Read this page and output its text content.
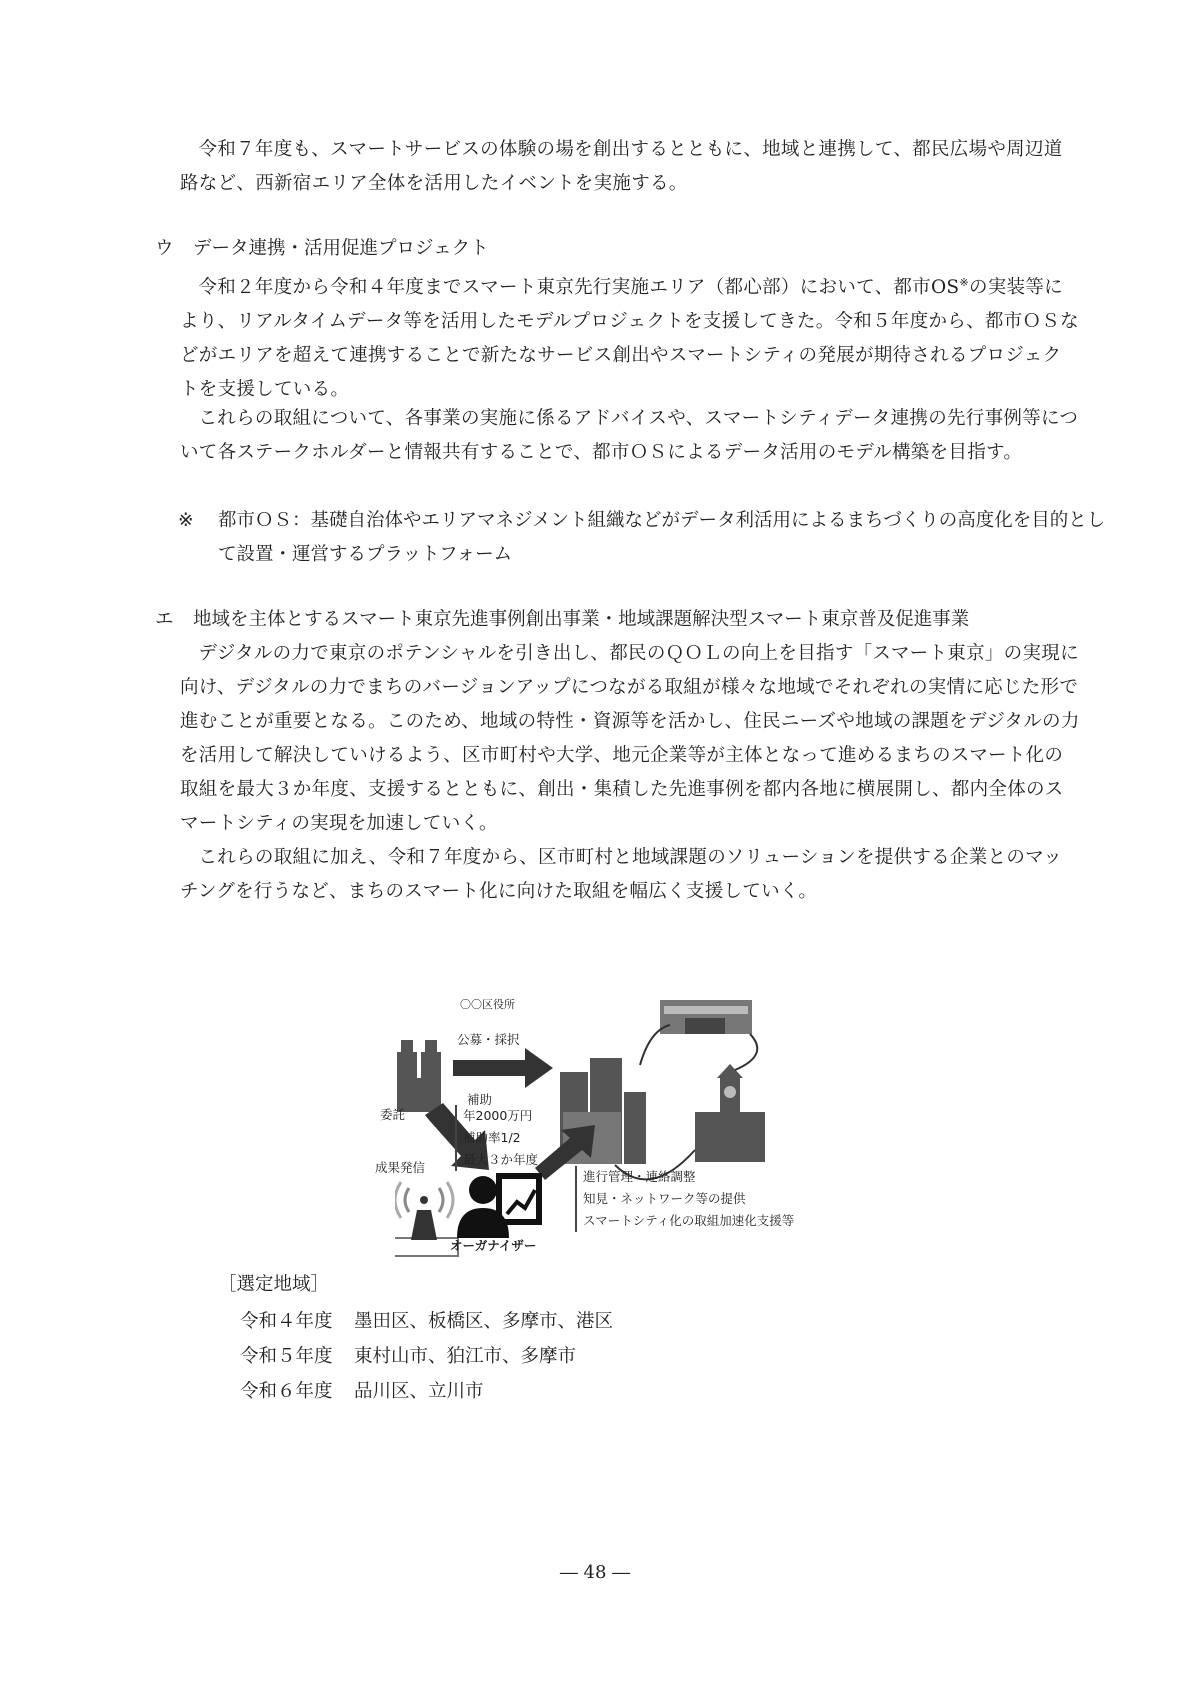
令和７年度も、スマートサービスの体験の場を創出するとともに、地域と連携して、都民広場や周辺道路など、西新宿エリア全体を活用したイベントを実施する。

ウ データ連携・活用促進プロジェクト

令和２年度から令和４年度までスマート東京先行実施エリア（都心部）において、都市OS※の実装等により、リアルタイムデータ等を活用したモデルプロジェクトを支援してきた。令和５年度から、都市ＯＳなどがエリアを超えて連携することで新たなサービス創出やスマートシティの発展が期待されるプロジェクトを支援している。

これらの取組について、各事業の実施に係るアドバイスや、スマートシティデータ連携の先行事例等について各ステークホルダーと情報共有することで、都市ＯＳによるデータ活用のモデル構築を目指す。

※ 都市ＯＳ：基礎自治体やエリアマネジメント組織などがデータ利活用によるまちづくりの高度化を目的として設置・運営するプラットフォーム
エ 地域を主体とするスマート東京先進事例創出事業・地域課題解決型スマート東京普及促進事業

デジタルの力で東京のポテンシャルを引き出し、都民のＱＯＬの向上を目指す「スマート東京」の実現に向け、デジタルの力でまちのバージョンアップにつながる取組が様々な地域でそれぞれの実情に応じた形で進むことが重要となる。このため、地域の特性・資源等を活かし、住民ニーズや地域の課題をデジタルの力を活用して解決していけるよう、区市町村や大学、地元企業等が主体となって進めるまちのスマート化の取組を最大３か年度、支援するとともに、創出・集積した先進事例を都内各地に横展開し、都内全体のスマートシティの実現を加速していく。

これらの取組に加え、令和７年度から、区市町村と地域課題のソリューションを提供する企業とのマッチングを行うなど、まちのスマート化に向けた取組を幅広く支援していく。

〇〇区役所
公募・採択
補助
年2000万円
補助率1/2
最大３か年度
委託
成果発信
オーガナイザー
進行管理・連絡調整
知見・ネットワーク等の提供
スマートシティ化の取組加速化支援等
［選定地域］
令和４年度 墨田区、板橋区、多摩市、港区
令和５年度 東村山市、狛江市、多摩市
令和６年度 品川区、立川市
― 48 ―
